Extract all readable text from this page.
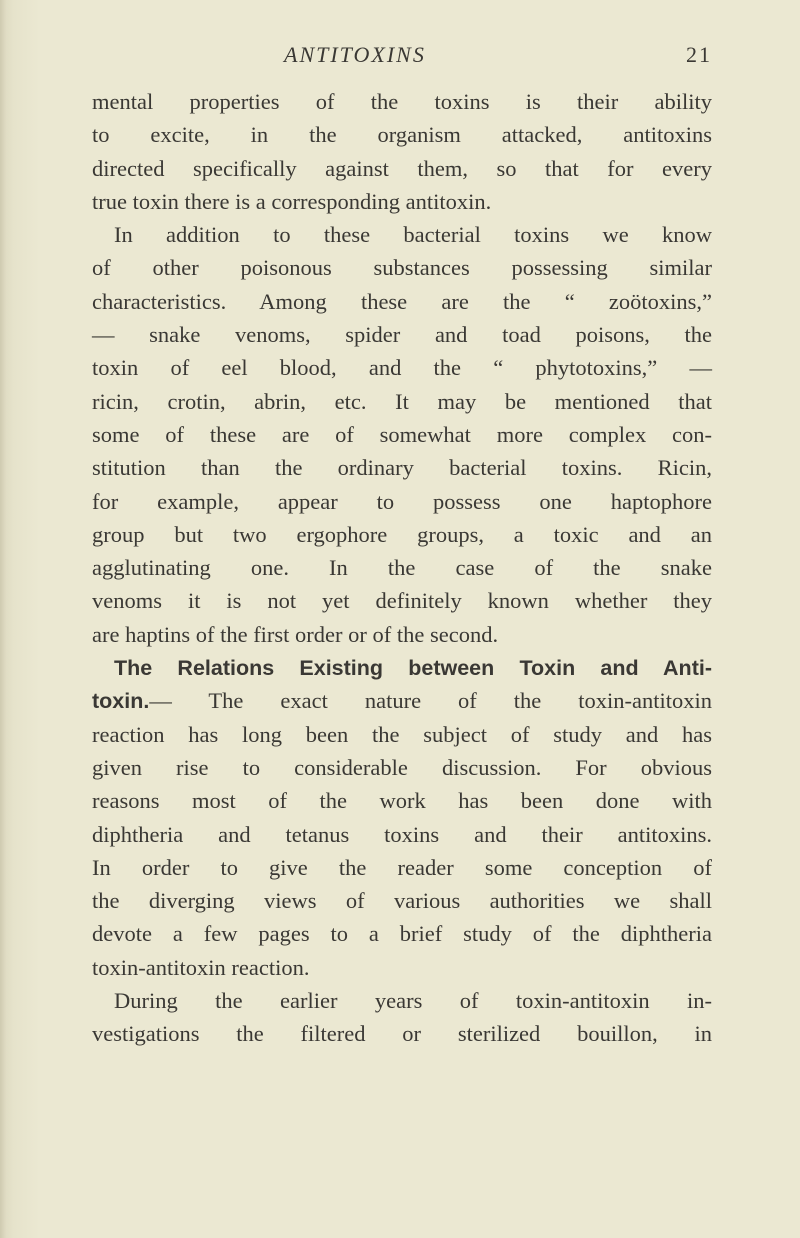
ANTITOXINS	21
mental properties of the toxins is their ability
to excite, in the organism attacked, antitoxins
directed specifically against them, so that for every
true toxin there is a corresponding antitoxin.
In addition to these bacterial toxins we know
of other poisonous substances possessing similar
characteristics. Among these are the “ zoötoxins,”
— snake venoms, spider and toad poisons, the
toxin of eel blood, and the “ phytotoxins,” —
ricin, crotin, abrin, etc. It may be mentioned that
some of these are of somewhat more complex con-
stitution than the ordinary bacterial toxins. Ricin,
for example, appear to possess one haptophore
group but two ergophore groups, a toxic and an
agglutinating one. In the case of the snake
venoms it is not yet definitely known whether they
are haptins of the first order or of the second.
The Relations Existing between Toxin and Anti-
toxin.— The exact nature of the toxin-antitoxin
reaction has long been the subject of study and has
given rise to considerable discussion. For obvious
reasons most of the work has been done with
diphtheria and tetanus toxins and their antitoxins.
In order to give the reader some conception of
the diverging views of various authorities we shall
devote a few pages to a brief study of the diphtheria
toxin-antitoxin reaction.
During the earlier years of toxin-antitoxin in-
vestigations the filtered or sterilized bouillon, in
